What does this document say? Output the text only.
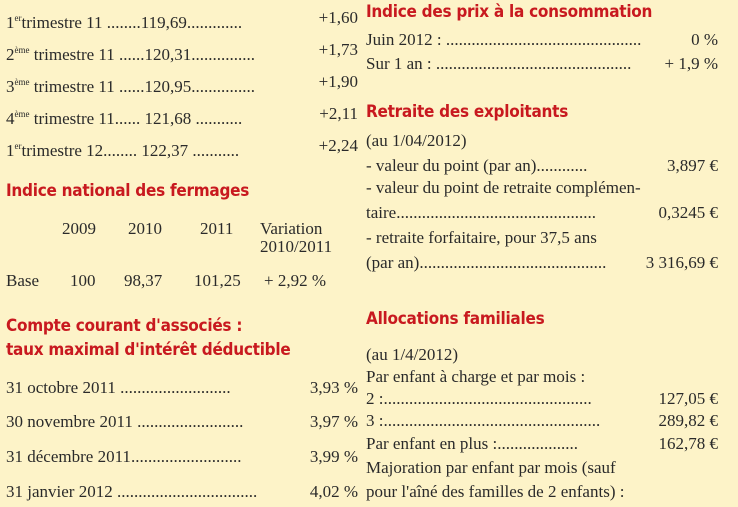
1ertrimestre 11 ........119,69.............	+1,60
2ème trimestre 11 ......120,31...............	+1,73
3ème trimestre 11 ......120,95...............	+1,90
4ème trimestre 11...... 121,68 ...........	+2,11
1ertrimestre 12........ 122,37 ...........	+2,24
Indice national des fermages
2009 2010 2011 Variation
2010/2011
Base 100 98,37 101,25 + 2,92 %
Compte courant d'associés :
taux maximal d'intérêt déductible
31 octobre 2011 ..........................	3,93 %
30 novembre 2011 .........................	3,97 %
31 décembre 2011..........................	3,99 %
31 janvier 2012 .................................	4,02 %
Indice des prix à la consommation
Juin 2012 : ..............................................	0 %
Sur 1 an : .............................................. + 1,9 %
Retraite des exploitants
(au 1/04/2012)
- valeur du point (par an)............	3,897 €
- valeur du point de retraite complémen-
taire...............................................	0,3245 €
- retraite forfaitaire, pour 37,5 ans
(par an)............................................ 3 316,69 €
Allocations familiales
(au 1/4/2012)
Par enfant à charge et par mois :
2 :.................................................	127,05 €
3 :...................................................	289,82 €
Par enfant en plus :...................	162,78 €
Majoration par enfant par mois (sauf
pour l'aîné des familles de 2 enfants) :
